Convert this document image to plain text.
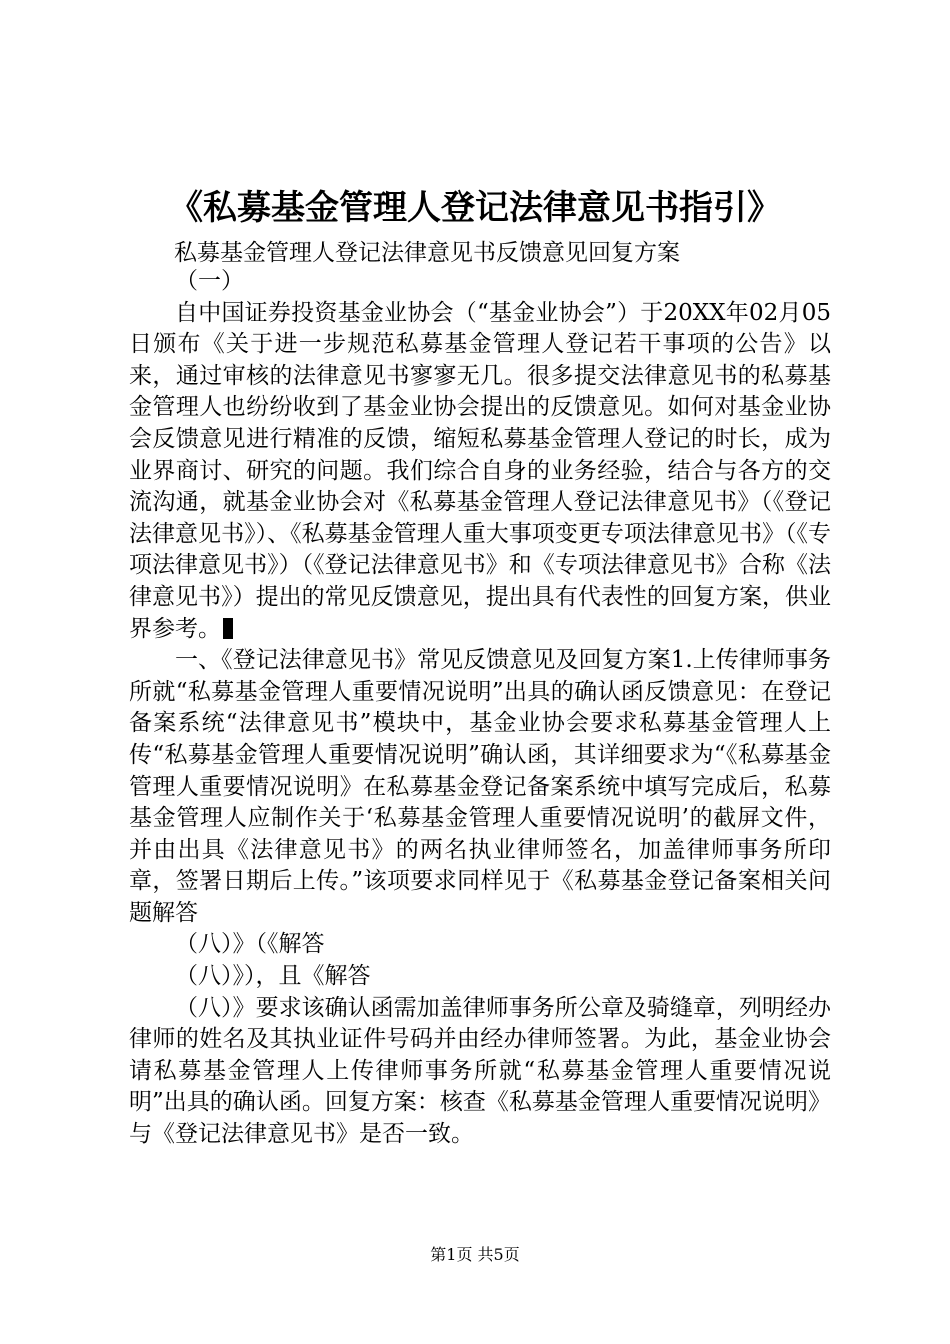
《私募基金管理人登记法律意见书指引》
私募基金管理人登记法律意见书反馈意见回复方案

（一）

自中国证券投资基金业协会（“基金业协会”）于20XX年02月05日颁布《关于进一步规范私募基金管理人登记若干事项的公告》以来，通过审核的法律意见书寥寥无几。很多提交法律意见书的私募基金管理人也纷纷收到了基金业协会提出的反馈意见。如何对基金业协会反馈意见进行精准的反馈，缩短私募基金管理人登记的时长，成为业界商讨、研究的问题。我们综合自身的业务经验，结合与各方的交流沟通，就基金业协会对《私募基金管理人登记法律意见书》（《登记法律意见书》）、《私募基金管理人重大事项变更专项法律意见书》（《专项法律意见书》）（《登记法律意见书》和《专项法律意见书》合称《法律意见书》）提出的常见反馈意见，提出具有代表性的回复方案，供业界参考。

一、《登记法律意见书》常见反馈意见及回复方案1.上传律师事务所就“私募基金管理人重要情况说明”出具的确认函反馈意见：在登记备案系统“法律意见书”模块中，基金业协会要求私募基金管理人上传“私募基金管理人重要情况说明”确认函，其详细要求为“《私募基金管理人重要情况说明》在私募基金登记备案系统中填写完成后，私募基金管理人应制作关于‘私募基金管理人重要情况说明’的截屏文件，并由出具《法律意见书》的两名执业律师签名，加盖律师事务所印章，签署日期后上传。”该项要求同样见于《私募基金登记备案相关问题解答

（八）》（《解答

（八）》），且《解答

（八）》要求该确认函需加盖律师事务所公章及骑缝章，列明经办律师的姓名及其执业证件号码并由经办律师签署。为此，基金业协会请私募基金管理人上传律师事务所就“私募基金管理人重要情况说明”出具的确认函。回复方案：核查《私募基金管理人重要情况说明》与《登记法律意见书》是否一致。

第1页 共5页
